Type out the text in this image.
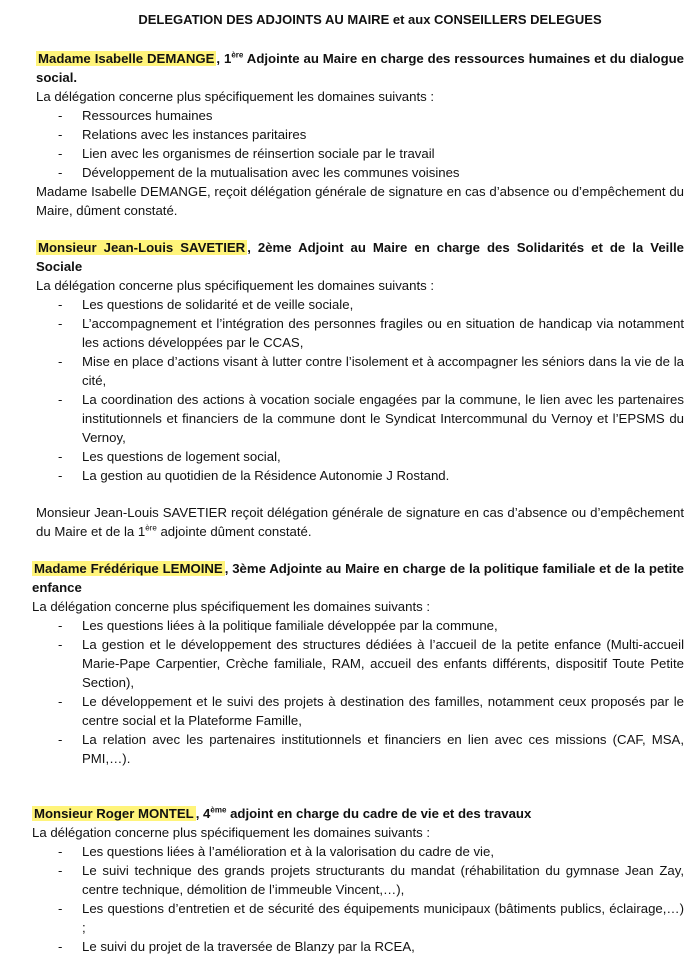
DELEGATION DES ADJOINTS AU MAIRE et aux CONSEILLERS DELEGUES

Madame Isabelle DEMANGE , 1ère Adjointe au Maire en charge des ressources humaines et du dialogue social.

La délégation concerne plus spécifiquement les domaines suivants :

- Ressources humaines
- Relations avec les instances paritaires
- Lien avec les organismes de réinsertion sociale par le travail
- Développement de la mutualisation avec les communes voisines

Madame Isabelle DEMANGE, reçoit délégation générale de signature en cas d’absence ou d’empêchement du Maire, dûment constaté.

Monsieur Jean-Louis SAVETIER , 2ème Adjoint au Maire en charge des Solidarités et de la Veille Sociale

La délégation concerne plus spécifiquement les domaines suivants :

- Les questions de solidarité et de veille sociale,
- L’accompagnement et l’intégration des personnes fragiles ou en situation de handicap via notamment les actions développées par le CCAS,
- Mise en place d’actions visant à lutter contre l’isolement et à accompagner les séniors dans la vie de la cité,
- La coordination des actions à vocation sociale engagées par la commune, le lien avec les partenaires institutionnels et financiers de la commune dont le Syndicat Intercommunal du Vernoy et l’EPSMS du Vernoy,
- Les questions de logement social,
- La gestion au quotidien de la Résidence Autonomie J Rostand.

Monsieur Jean-Louis SAVETIER reçoit délégation générale de signature en cas d’absence ou d’empêchement du Maire et de la 1ère adjointe dûment constaté.

Madame Frédérique LEMOINE , 3ème Adjointe au Maire en charge de la politique familiale et de la petite enfance

La délégation concerne plus spécifiquement les domaines suivants :

- Les questions liées à la politique familiale développée par la commune,
- La gestion et le développement des structures dédiées à l’accueil de la petite enfance (Multi-accueil Marie-Pape Carpentier, Crèche familiale, RAM, accueil des enfants différents, dispositif Toute Petite Section),
- Le développement et le suivi des projets à destination des familles, notamment ceux proposés par le centre social et la Plateforme Famille,
- La relation avec les partenaires institutionnels et financiers en lien avec ces missions (CAF, MSA, PMI,…).

Monsieur Roger MONTEL , 4ème adjoint en charge du cadre de vie et des travaux

La délégation concerne plus spécifiquement les domaines suivants :

- Les questions liées à l’amélioration et à la valorisation du cadre de vie,
- Le suivi technique des grands projets structurants du mandat (réhabilitation du gymnase Jean Zay, centre technique, démolition de l’immeuble Vincent,…),
- Les questions d’entretien et de sécurité des équipements municipaux (bâtiments publics, éclairage,…) ;
- Le suivi du projet de la traversée de Blanzy par la RCEA,
